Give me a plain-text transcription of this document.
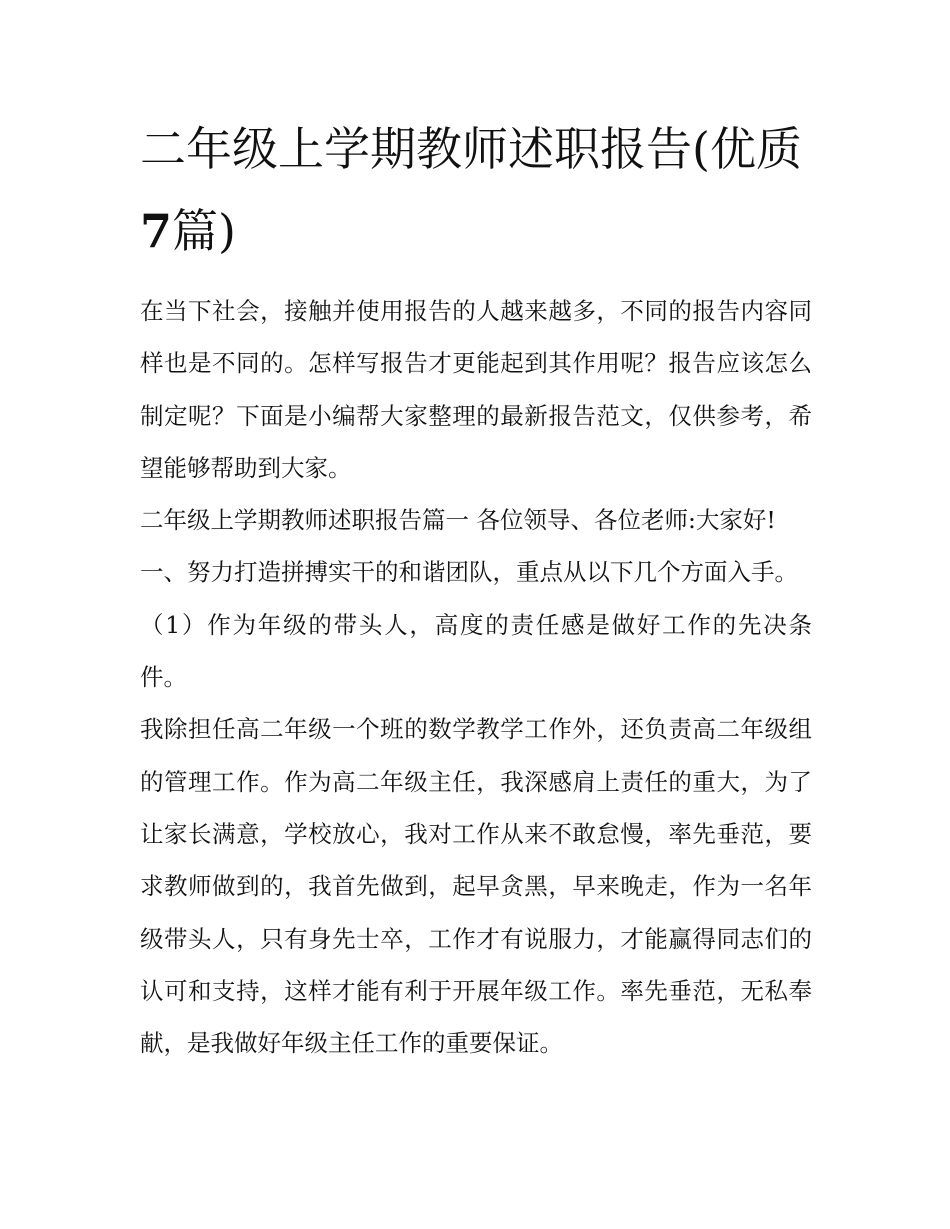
二年级上学期教师述职报告(优质7篇)

在当下社会，接触并使用报告的人越来越多，不同的报告内容同样也是不同的。怎样写报告才更能起到其作用呢？报告应该怎么制定呢？下面是小编帮大家整理的最新报告范文，仅供参考，希望能够帮助到大家。

二年级上学期教师述职报告篇一 各位领导、各位老师:大家好!

一、努力打造拼搏实干的和谐团队，重点从以下几个方面入手。

（1）作为年级的带头人，高度的责任感是做好工作的先决条件。

我除担任高二年级一个班的数学教学工作外，还负责高二年级组的管理工作。作为高二年级主任，我深感肩上责任的重大，为了让家长满意，学校放心，我对工作从来不敢怠慢，率先垂范，要求教师做到的，我首先做到，起早贪黑，早来晚走，作为一名年级带头人，只有身先士卒，工作才有说服力，才能赢得同志们的认可和支持，这样才能有利于开展年级工作。率先垂范，无私奉献，是我做好年级主任工作的重要保证。
